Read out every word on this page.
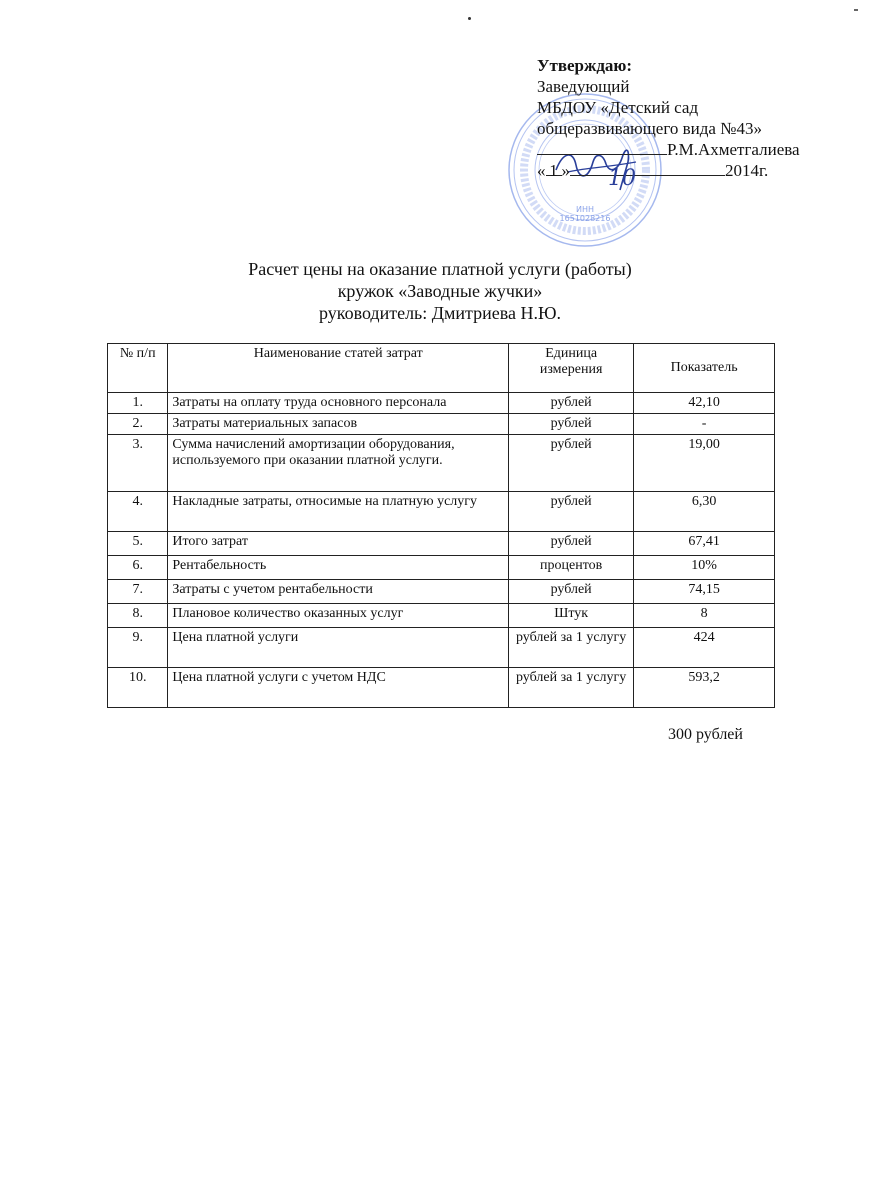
ИНН
1651028216
Утверждаю:
Заведующий
МБДОУ «Детский сад
общеразвивающего вида №43»
Р.М.Ахметгалиева
« 1 »	2014г.
10
Расчет цены на оказание платной услуги (работы)
кружок «Заводные жучки»
руководитель: Дмитриева Н.Ю.
№ п/п	Наименование статей затрат	Единица измерения	Показатель
1.	Затраты на оплату труда основного персонала	рублей	42,10
2.	Затраты материальных запасов	рублей	-
3.	Сумма начислений амортизации оборудования, используемого при оказании платной услуги.	рублей	19,00
4.	Накладные затраты, относимые на платную услугу	рублей	6,30
5.	Итого затрат	рублей	67,41
6.	Рентабельность	процентов	10%
7.	Затраты с учетом рентабельности	рублей	74,15
8.	Плановое количество оказанных услуг	Штук	8
9.	Цена платной услуги	рублей за 1 услугу	424
10.	Цена платной услуги с учетом НДС	рублей за 1 услугу	593,2
300 рублей
